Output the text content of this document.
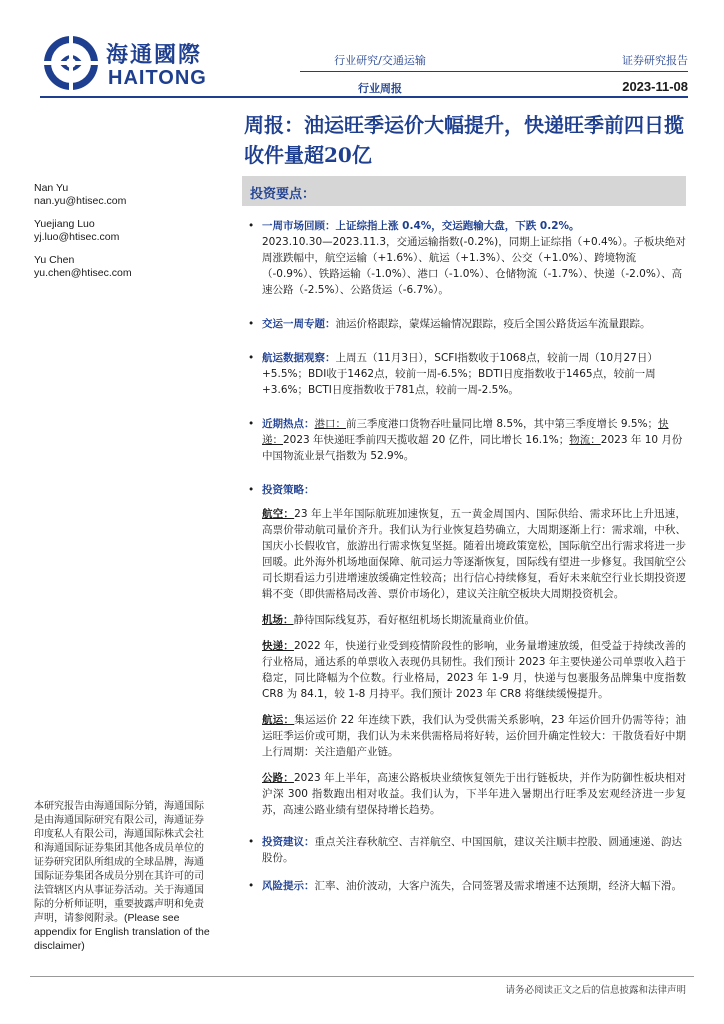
海通國際
HAITONG
行业研究/交通运输
行业周报
证券研究报告
2023-11-08
周报：油运旺季运价大幅提升，快递旺季前四日揽收件量超20亿
Nan Yu
nan.yu@htisec.com
Yuejiang Luo
yj.luo@htisec.com
Yu Chen
yu.chen@htisec.com
投资要点：
• 一周市场回顾：上证综指上涨 0.4%，交运跑输大盘，下跌 0.2%。
2023.10.30—2023.11.3，交通运输指数(-0.2%)，同期上证综指（+0.4%）。子板块绝对周涨跌幅中，航空运输（+1.6%）、航运（+1.3%）、公交（+1.0%）、跨境物流（-0.9%）、铁路运输（-1.0%）、港口（-1.0%）、仓储物流（-1.7%）、快递（-2.0%）、高速公路（-2.5%）、公路货运（-6.7%）。
• 交运一周专题：油运价格跟踪，蒙煤运输情况跟踪，疫后全国公路货运车流量跟踪。
• 航运数据观察：上周五（11月3日），SCFI指数收于1068点，较前一周（10月27日）+5.5%；BDI收于1462点，较前一周-6.5%；BDTI日度指数收于1465点，较前一周+3.6%；BCTI日度指数收于781点，较前一周-2.5%。
• 近期热点：港口：前三季度港口货物吞吐量同比增 8.5%，其中第三季度增长 9.5%；快递：2023 年快递旺季前四天揽收超 20 亿件，同比增长 16.1%；物流：2023 年 10 月份中国物流业景气指数为 52.9%。
• 投资策略：
航空：23 年上半年国际航班加速恢复，五一黄金周国内、国际供给、需求环比上升迅速，高票价带动航司量价齐升。我们认为行业恢复趋势确立，大周期逐渐上行：需求端，中秋、国庆小长假收官，旅游出行需求恢复坚挺。随着出境政策宽松，国际航空出行需求将进一步回暖。此外海外机场地面保障、航司运力等逐渐恢复，国际线有望进一步修复。我国航空公司长期看运力引进增速放缓确定性较高；出行信心持续修复，看好未来航空行业长期投资逻辑不变（即供需格局改善、票价市场化），建议关注航空板块大周期投资机会。
机场：静待国际线复苏，看好枢纽机场长期流量商业价值。
快递：2022 年，快递行业受到疫情阶段性的影响，业务量增速放缓，但受益于持续改善的行业格局，通达系的单票收入表现仍具韧性。我们预计 2023 年主要快递公司单票收入趋于稳定，同比降幅为个位数。行业格局，2023 年 1-9 月，快递与包裹服务品牌集中度指数 CR8 为 84.1，较 1-8 月持平。我们预计 2023 年 CR8 将继续缓慢提升。
航运：集运运价 22 年连续下跌，我们认为受供需关系影响，23 年运价回升仍需等待；油运旺季运价或可期，我们认为未来供需格局将好转，运价回升确定性较大：干散货看好中期上行周期：关注造船产业链。
公路：2023 年上半年，高速公路板块业绩恢复领先于出行链板块，并作为防御性板块相对沪深 300 指数跑出相对收益。我们认为，下半年进入暑期出行旺季及宏观经济进一步复苏，高速公路业绩有望保持增长趋势。
• 投资建议：重点关注春秋航空、吉祥航空、中国国航，建议关注顺丰控股、圆通速递、韵达股份。
• 风险提示：汇率、油价波动，大客户流失，合同签署及需求增速不达预期，经济大幅下滑。
本研究报告由海通国际分销，海通国际是由海通国际研究有限公司，海通证券印度私人有限公司，海通国际株式会社和海通国际证券集团其他各成员单位的证券研究团队所组成的全球品牌，海通国际证券集团各成员分别在其许可的司法管辖区内从事证券活动。关于海通国际的分析师证明，重要披露声明和免责声明，请参阅附录。(Please see appendix for English translation of the disclaimer)
请务必阅读正文之后的信息披露和法律声明
